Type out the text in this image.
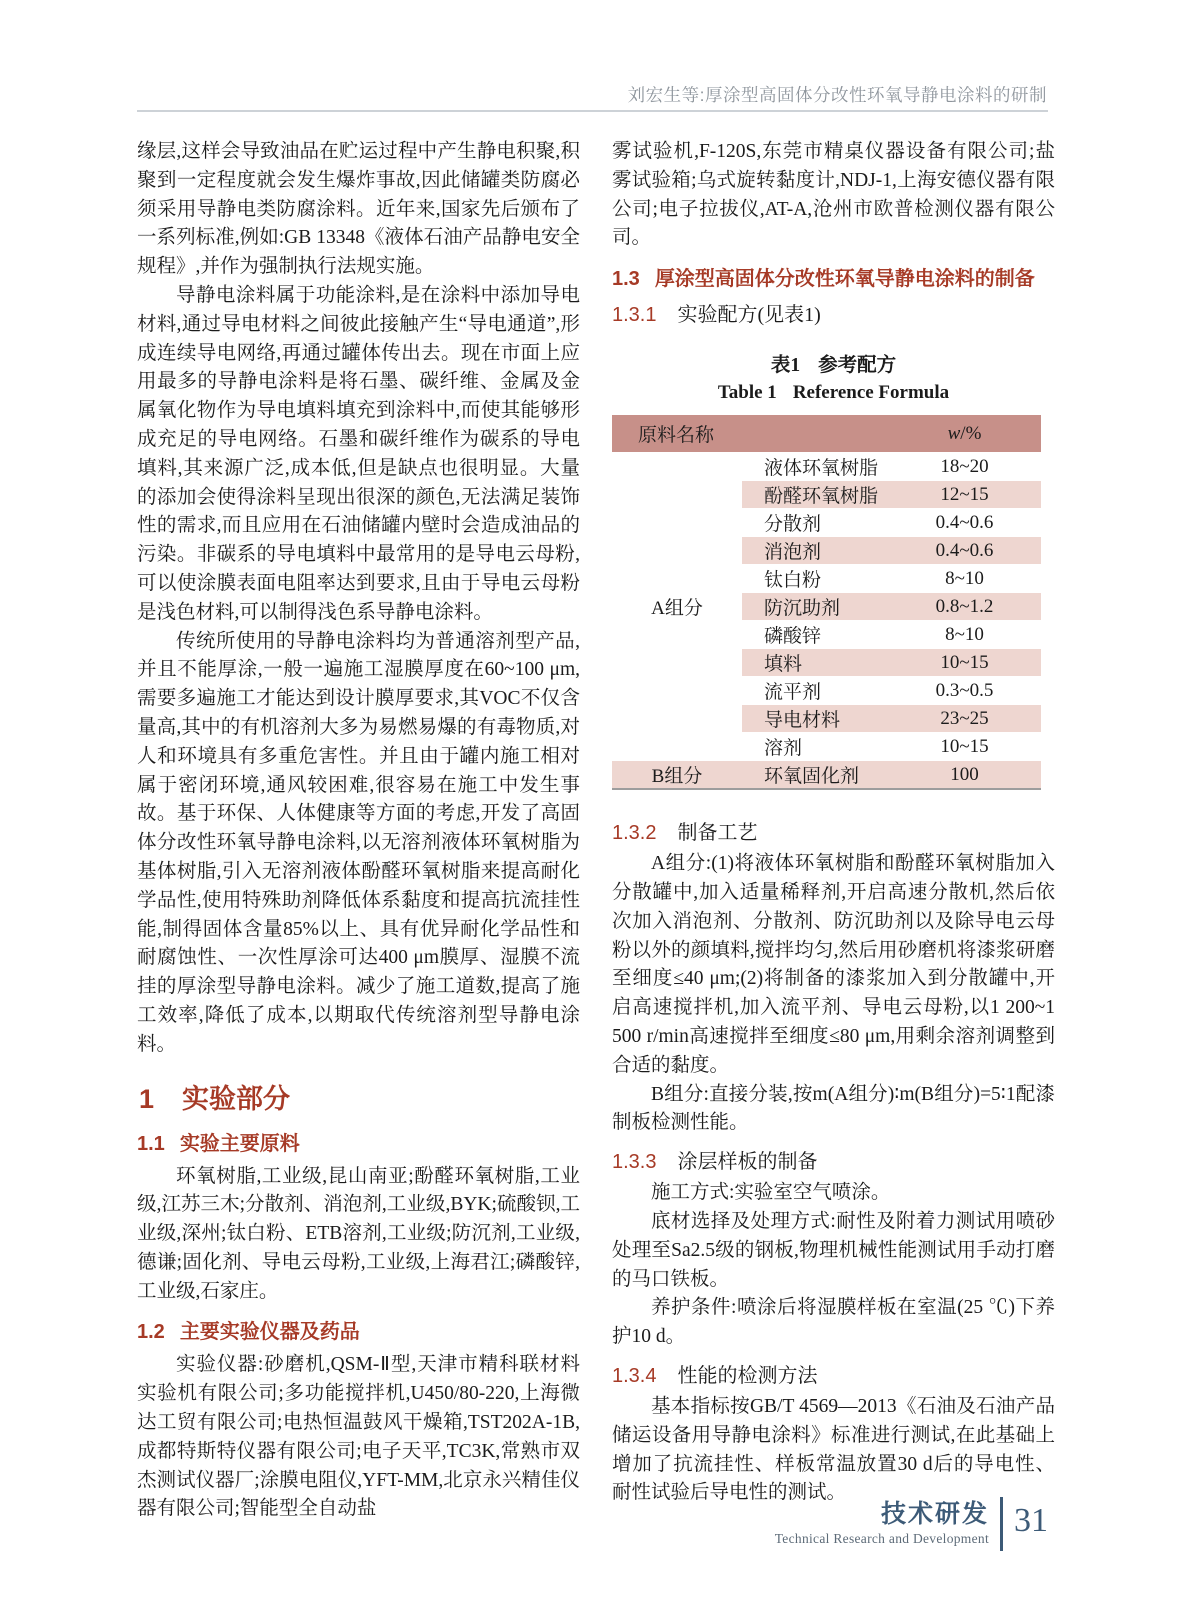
刘宏生等:厚涂型高固体分改性环氧导静电涂料的研制

缘层,这样会导致油品在贮运过程中产生静电积聚,积聚到一定程度就会发生爆炸事故,因此储罐类防腐必须采用导静电类防腐涂料。近年来,国家先后颁布了一系列标准,例如:GB 13348《液体石油产品静电安全规程》,并作为强制执行法规实施。

导静电涂料属于功能涂料,是在涂料中添加导电材料,通过导电材料之间彼此接触产生“导电通道”,形成连续导电网络,再通过罐体传出去。现在市面上应用最多的导静电涂料是将石墨、碳纤维、金属及金属氧化物作为导电填料填充到涂料中,而使其能够形成充足的导电网络。石墨和碳纤维作为碳系的导电填料,其来源广泛,成本低,但是缺点也很明显。大量的添加会使得涂料呈现出很深的颜色,无法满足装饰性的需求,而且应用在石油储罐内壁时会造成油品的污染。非碳系的导电填料中最常用的是导电云母粉,可以使涂膜表面电阻率达到要求,且由于导电云母粉是浅色材料,可以制得浅色系导静电涂料。

传统所使用的导静电涂料均为普通溶剂型产品,并且不能厚涂,一般一遍施工湿膜厚度在60~100 μm,需要多遍施工才能达到设计膜厚要求,其VOC不仅含量高,其中的有机溶剂大多为易燃易爆的有毒物质,对人和环境具有多重危害性。并且由于罐内施工相对属于密闭环境,通风较困难,很容易在施工中发生事故。基于环保、人体健康等方面的考虑,开发了高固体分改性环氧导静电涂料,以无溶剂液体环氧树脂为基体树脂,引入无溶剂液体酚醛环氧树脂来提高耐化学品性,使用特殊助剂降低体系黏度和提高抗流挂性能,制得固体含量85%以上、具有优异耐化学品性和耐腐蚀性、一次性厚涂可达400 μm膜厚、湿膜不流挂的厚涂型导静电涂料。减少了施工道数,提高了施工效率,降低了成本,以期取代传统溶剂型导静电涂料。

1 实验部分
1.1 实验主要原料

环氧树脂,工业级,昆山南亚;酚醛环氧树脂,工业级,江苏三木;分散剂、消泡剂,工业级,BYK;硫酸钡,工业级,深州;钛白粉、ETB溶剂,工业级;防沉剂,工业级,德谦;固化剂、导电云母粉,工业级,上海君江;磷酸锌,工业级,石家庄。

1.2 主要实验仪器及药品

实验仪器:砂磨机,QSM-Ⅱ型,天津市精科联材料实验机有限公司;多功能搅拌机,U450/80-220,上海微达工贸有限公司;电热恒温鼓风干燥箱,TST202A-1B,成都特斯特仪器有限公司;电子天平,TC3K,常熟市双杰测试仪器厂;涂膜电阻仪,YFT-MM,北京永兴精佳仪器有限公司;智能型全自动盐

雾试验机,F-120S,东莞市精桌仪器设备有限公司;盐雾试验箱;乌式旋转黏度计,NDJ-1,上海安德仪器有限公司;电子拉拔仪,AT-A,沧州市欧普检测仪器有限公司。

1.3 厚涂型高固体分改性环氧导静电涂料的制备
1.3.1 实验配方(见表1)
表1 参考配方
Table 1 Reference Formula
原料名称		w/%
A组分	液体环氧树脂	18~20
	酚醛环氧树脂	12~15
	分散剂	0.4~0.6
	消泡剂	0.4~0.6
	钛白粉	8~10
	防沉助剂	0.8~1.2
	磷酸锌	8~10
	填料	10~15
	流平剂	0.3~0.5
	导电材料	23~25
	溶剂	10~15
B组分	环氧固化剂	100
1.3.2 制备工艺

A组分:(1)将液体环氧树脂和酚醛环氧树脂加入分散罐中,加入适量稀释剂,开启高速分散机,然后依次加入消泡剂、分散剂、防沉助剂以及除导电云母粉以外的颜填料,搅拌均匀,然后用砂磨机将漆浆研磨至细度≤40 μm;(2)将制备的漆浆加入到分散罐中,开启高速搅拌机,加入流平剂、导电云母粉,以1 200~1 500 r/min高速搅拌至细度≤80 μm,用剩余溶剂调整到合适的黏度。

B组分:直接分装,按m(A组分)∶m(B组分)=5∶1配漆制板检测性能。

1.3.3 涂层样板的制备

施工方式:实验室空气喷涂。

底材选择及处理方式:耐性及附着力测试用喷砂处理至Sa2.5级的钢板,物理机械性能测试用手动打磨的马口铁板。

养护条件:喷涂后将湿膜样板在室温(25 ℃)下养护10 d。

1.3.4 性能的检测方法

基本指标按GB/T 4569—2013《石油及石油产品储运设备用导静电涂料》标准进行测试,在此基础上增加了抗流挂性、样板常温放置30 d后的导电性、耐性试验后导电性的测试。

技术研发
Technical Research and Development 31
